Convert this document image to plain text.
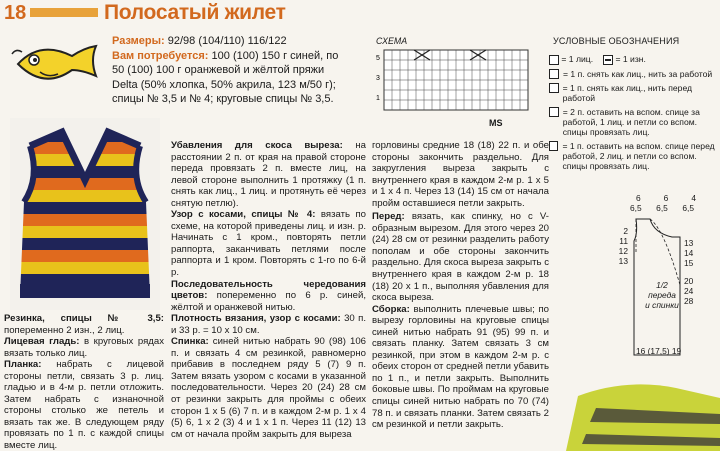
18	Полосатый жилет
Размеры: 92/98 (104/110) 116/122
Вам потребуется: 100 (100) 150 г синей, по 50 (100) 100 г оранжевой и жёлтой пряжи Delta (50% хлопка, 50% акрила, 123 м/50 г); спицы № 3,5 и № 4; круговые спицы № 3,5.

Резинка, спицы № 3,5: попеременно 2 изн., 2 лиц.

Лицевая гладь: в круговых рядах вязать только лиц.

Планка: набрать с лицевой стороны петли, связать 3 р. лиц. гладью и в 4-м р. петли отложить. Затем набрать с изнаночной стороны столько же петель и вязать так же. В следующем ряду провязать по 1 п. с каждой спицы вместе лиц.

Убавления для скоса выреза: на расстоянии 2 п. от края на правой стороне переда провязать 2 п. вместе лиц, на левой стороне выполнить 1 протяжку (1 п. снять как лиц., 1 лиц. и протянуть её через снятую петлю).

Узор с косами, спицы № 4: вязать по схеме, на которой приведены лиц. и изн. р. Начинать с 1 кром., повторять петли раппорта, заканчивать петлями после раппорта и 1 кром. Повторять с 1-го по 6-й р.

Последовательность чередования цветов: попеременно по 6 р. синей, жёлтой и оранжевой нитью.

Плотность вязания, узор с косами: 30 п. и 33 р. = 10 х 10 см.

Спинка: синей нитью набрать 90 (98) 106 п. и связать 4 см резинкой, равномерно прибавив в последнем ряду 5 (7) 9 п. Затем вязать узором с косами в указанной последовательности. Через 20 (24) 28 см от резинки закрыть для проймы с обеих сторон 1 х 5 (6) 7 п. и в каждом 2-м р. 1 х 4 (5) 6, 1 х 2 (3) 4 и 1 х 1 п. Через 11 (12) 13 см от начала пройм закрыть для выреза

горловины средние 18 (18) 22 п. и обе стороны закончить раздельно. Для закругления выреза закрыть с внутреннего края в каждом 2-м р. 1 х 5 и 1 х 4 п. Через 13 (14) 15 см от начала пройм оставшиеся петли закрыть.

Перед: вязать, как спинку, но с V-образным вырезом. Для этого через 20 (24) 28 см от резинки разделить работу пополам и обе стороны закончить раздельно. Для скоса выреза закрыть с внутреннего края в каждом 2-м р. 18 (18) 20 х 1 п., выполняя убавления для скоса выреза.

Сборка: выполнить плечевые швы; по вырезу горловины на круговые спицы синей нитью набрать 91 (95) 99 п. и связать планку. Затем связать 3 см резинкой, при этом в каждом 2-м р. с обеих сторон от средней петли убавить по 1 п., и петли закрыть. Выполнить боковые швы. По проймам на круговые спицы синей нитью набрать по 70 (74) 78 п. и связать планки. Затем связать 2 см резинкой и петли закрыть.

СХЕМА
5
3
1
MS
УСЛОВНЫЕ ОБОЗНАЧЕНИЯ
= 1 лиц.	= 1 изн.
= 1 п. снять как лиц., нить за работой
= 1 п. снять как лиц., нить перед работой
= 2 п. оставить на вспом. спице за работой, 1 лиц. и петли со вспом. спицы провязать лиц.
= 1 п. оставить на вспом. спице перед работой, 2 лиц. и петли со вспом. спицы провязать лиц.
6	6	4
6,5 6,5 6,5
2
11
12
13
13
14
15
20
24
28
1/2
переда
и спинки
16 (17,5) 19
